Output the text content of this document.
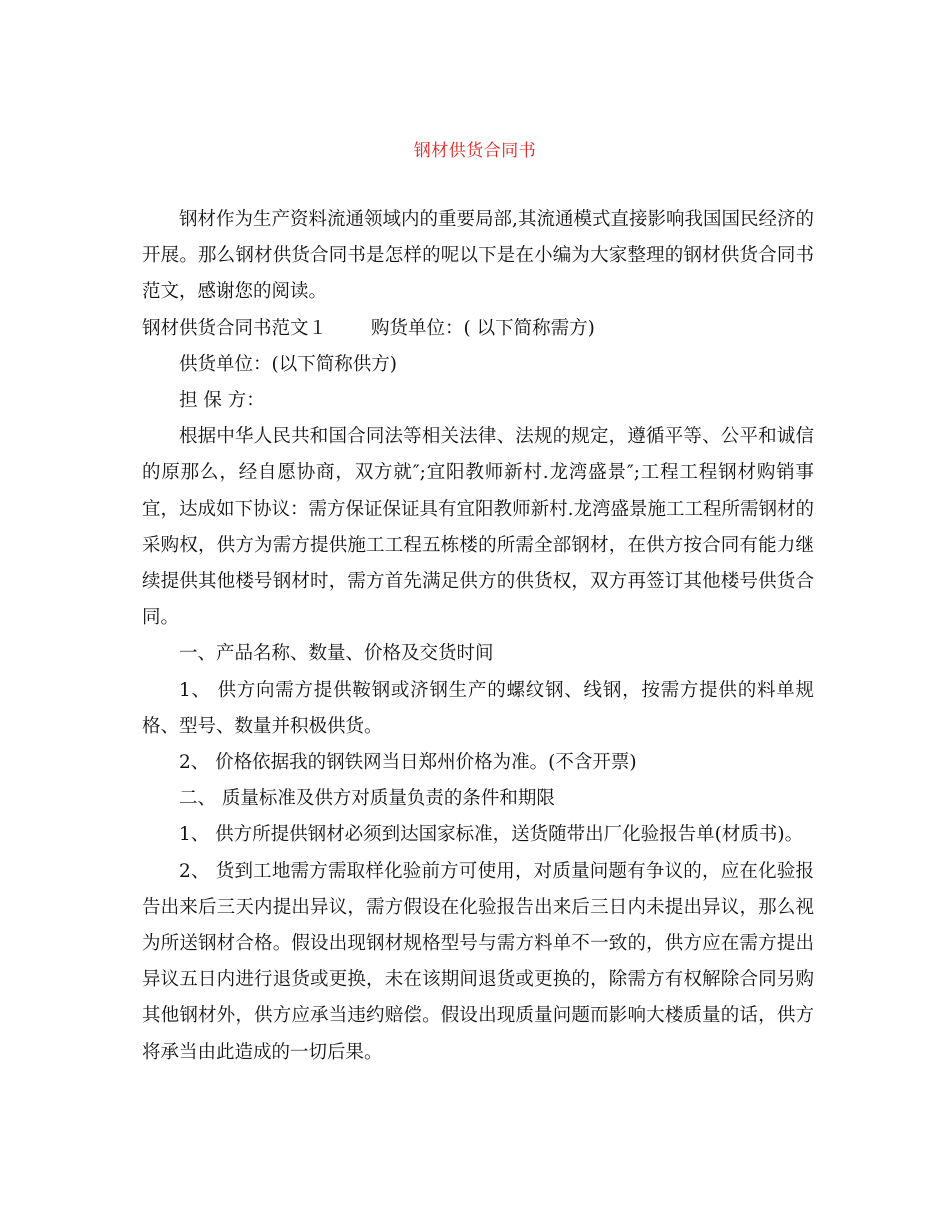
钢材供货合同书

钢材作为生产资料流通领域内的重要局部,其流通模式直接影响我国国民经济的开展。那么钢材供货合同书是怎样的呢以下是在小编为大家整理的钢材供货合同书范文，感谢您的阅读。

钢材供货合同书范文１ 购货单位：( 以下简称需方)

供货单位：(以下简称供方)

担 保 方：

根据中华人民共和国合同法等相关法律、法规的规定，遵循平等、公平和诚信的原那么，经自愿协商，双方就″;宜阳教师新村.龙湾盛景″;工程工程钢材购销事宜，达成如下协议：需方保证保证具有宜阳教师新村.龙湾盛景施工工程所需钢材的采购权，供方为需方提供施工工程五栋楼的所需全部钢材，在供方按合同有能力继续提供其他楼号钢材时，需方首先满足供方的供货权，双方再签订其他楼号供货合同。

一、产品名称、数量、价格及交货时间

1、 供方向需方提供鞍钢或济钢生产的螺纹钢、线钢，按需方提供的料单规格、型号、数量并积极供货。

2、 价格依据我的钢铁网当日郑州价格为准。(不含开票)

二、 质量标准及供方对质量负责的条件和期限

1、 供方所提供钢材必须到达国家标准，送货随带出厂化验报告单(材质书)。

2、 货到工地需方需取样化验前方可使用，对质量问题有争议的，应在化验报告出来后三天内提出异议，需方假设在化验报告出来后三日内未提出异议，那么视为所送钢材合格。假设出现钢材规格型号与需方料单不一致的，供方应在需方提出异议五日内进行退货或更换，未在该期间退货或更换的，除需方有权解除合同另购其他钢材外，供方应承当违约赔偿。假设出现质量问题而影响大楼质量的话，供方将承当由此造成的一切后果。
